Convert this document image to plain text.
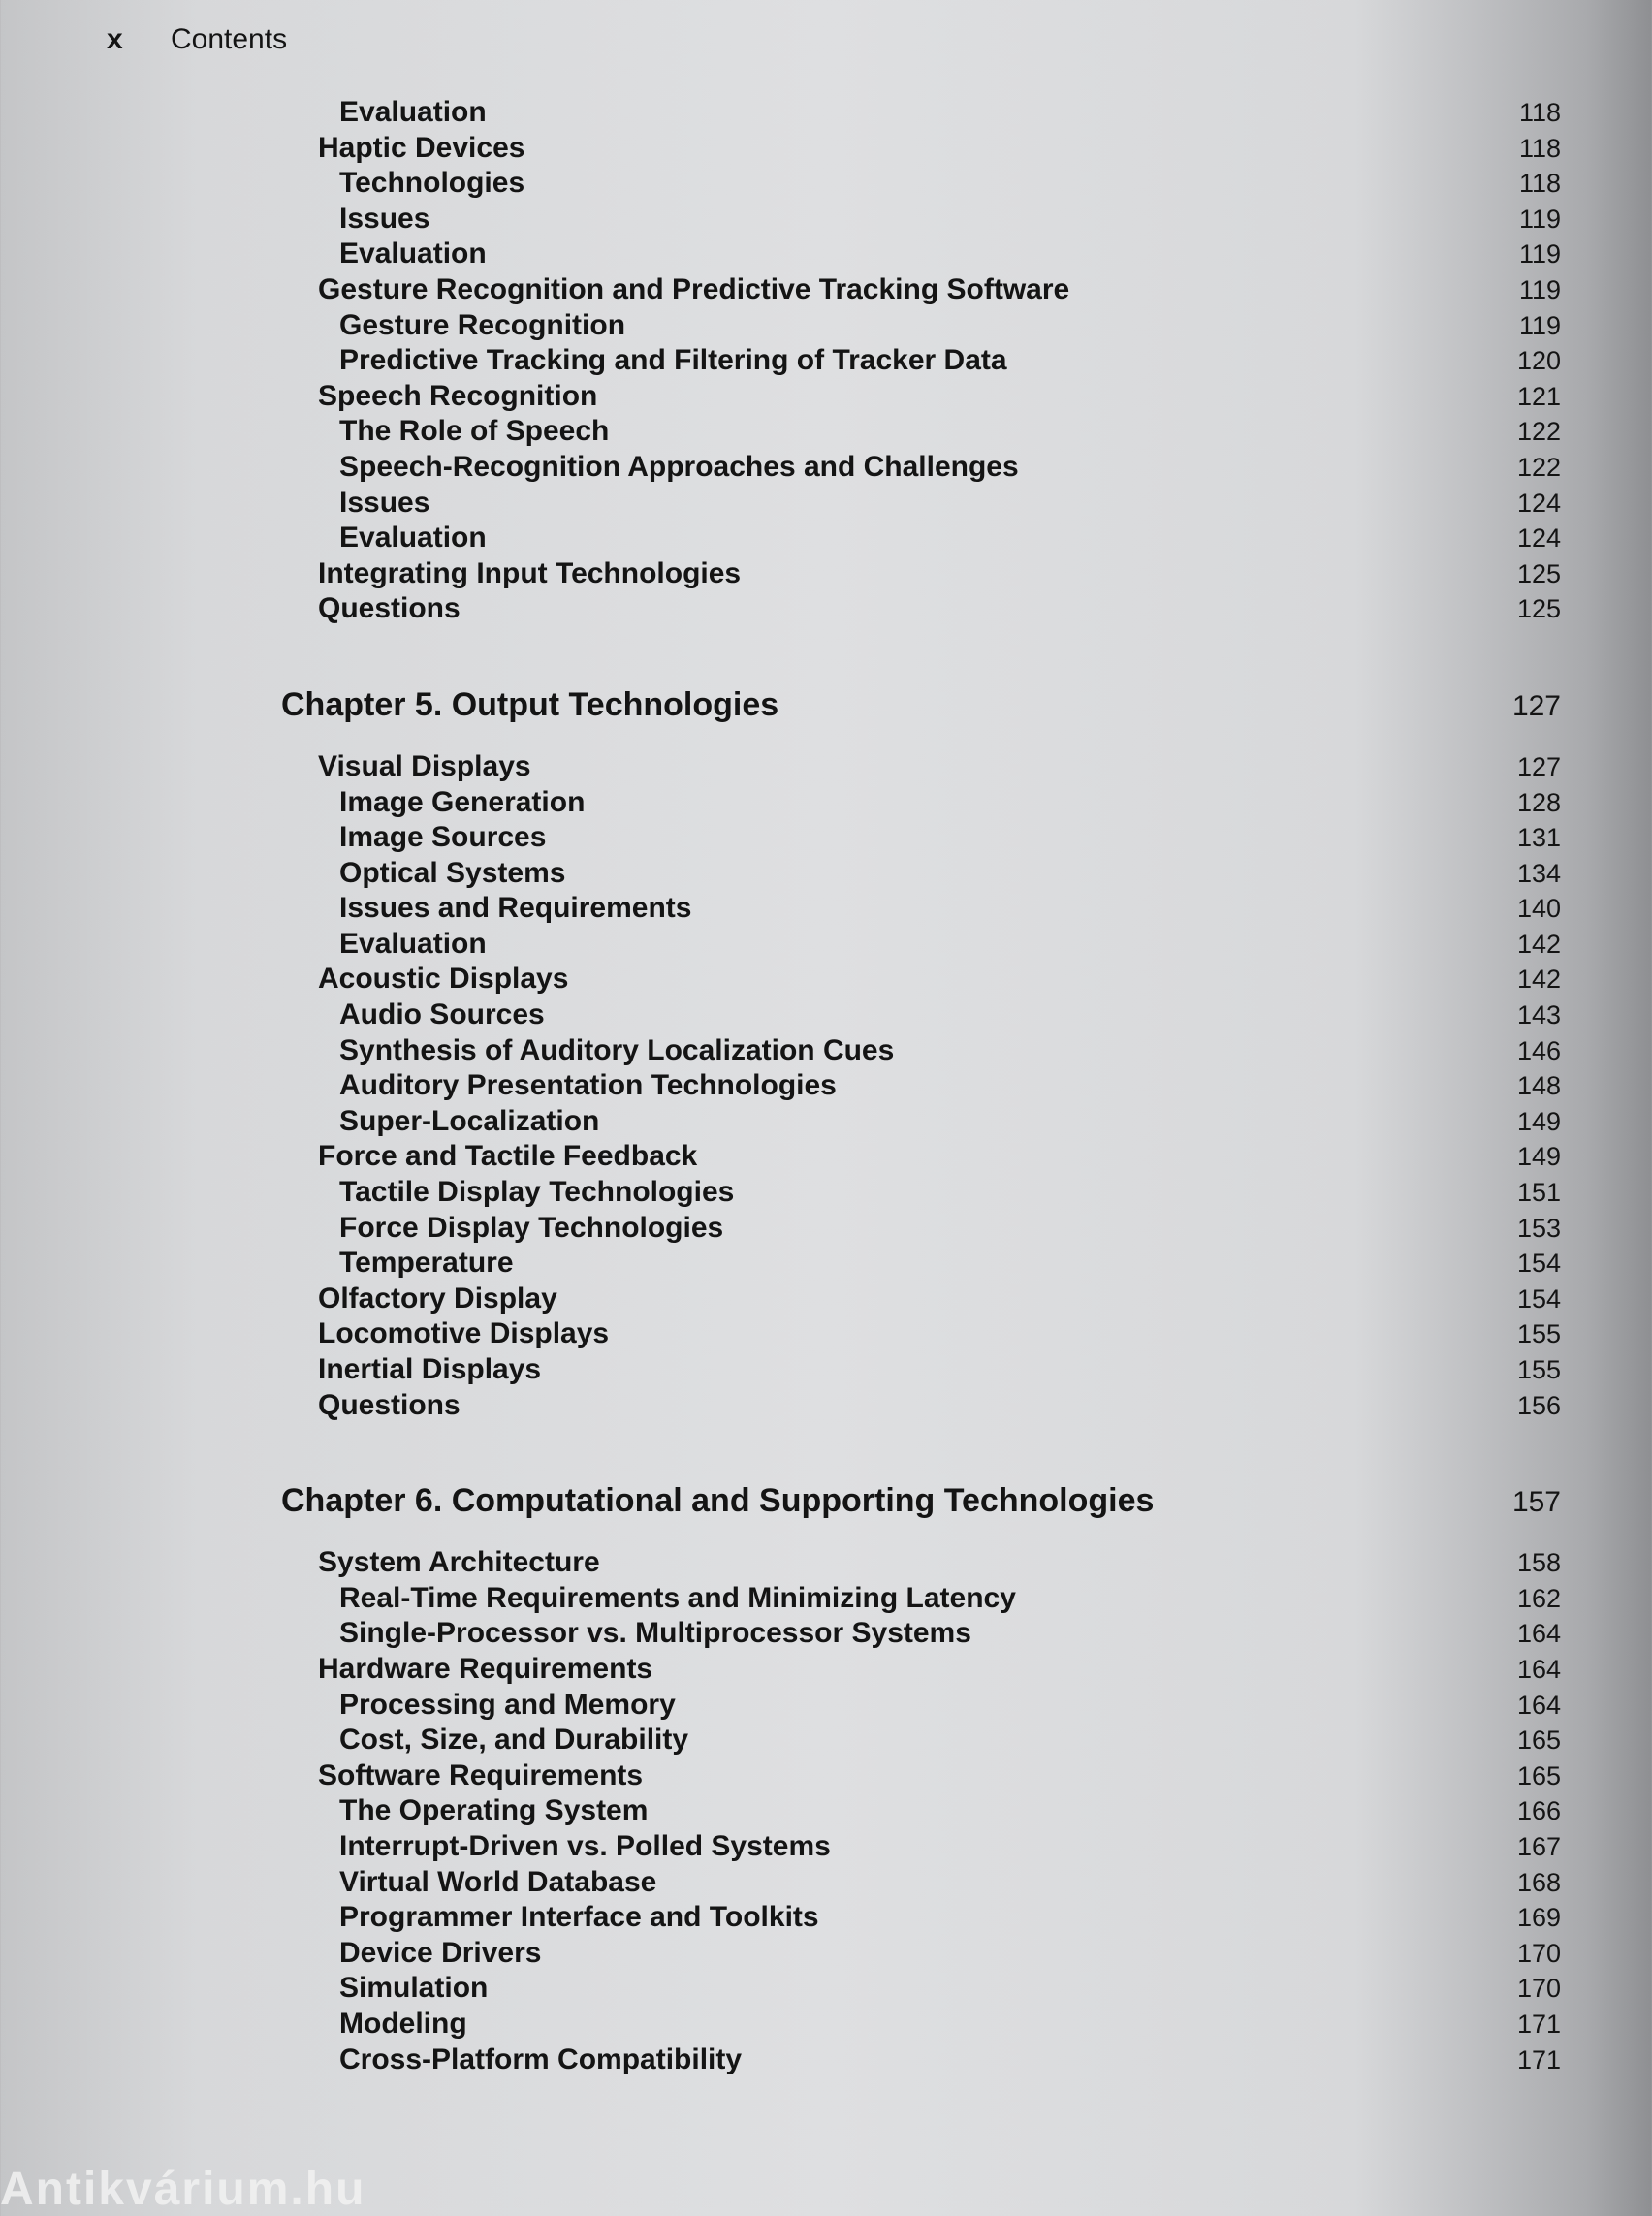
x Contents
Evaluation	118
Haptic Devices	118
Technologies	118
Issues	119
Evaluation	119
Gesture Recognition and Predictive Tracking Software	119
Gesture Recognition	119
Predictive Tracking and Filtering of Tracker Data	120
Speech Recognition	121
The Role of Speech	122
Speech-Recognition Approaches and Challenges	122
Issues	124
Evaluation	124
Integrating Input Technologies	125
Questions	125
Chapter 5. Output Technologies	127
Visual Displays	127
Image Generation	128
Image Sources	131
Optical Systems	134
Issues and Requirements	140
Evaluation	142
Acoustic Displays	142
Audio Sources	143
Synthesis of Auditory Localization Cues	146
Auditory Presentation Technologies	148
Super-Localization	149
Force and Tactile Feedback	149
Tactile Display Technologies	151
Force Display Technologies	153
Temperature	154
Olfactory Display	154
Locomotive Displays	155
Inertial Displays	155
Questions	156
Chapter 6. Computational and Supporting Technologies	157
System Architecture	158
Real-Time Requirements and Minimizing Latency	162
Single-Processor vs. Multiprocessor Systems	164
Hardware Requirements	164
Processing and Memory	164
Cost, Size, and Durability	165
Software Requirements	165
The Operating System	166
Interrupt-Driven vs. Polled Systems	167
Virtual World Database	168
Programmer Interface and Toolkits	169
Device Drivers	170
Simulation	170
Modeling	171
Cross-Platform Compatibility	171
Antikvárium.hu
